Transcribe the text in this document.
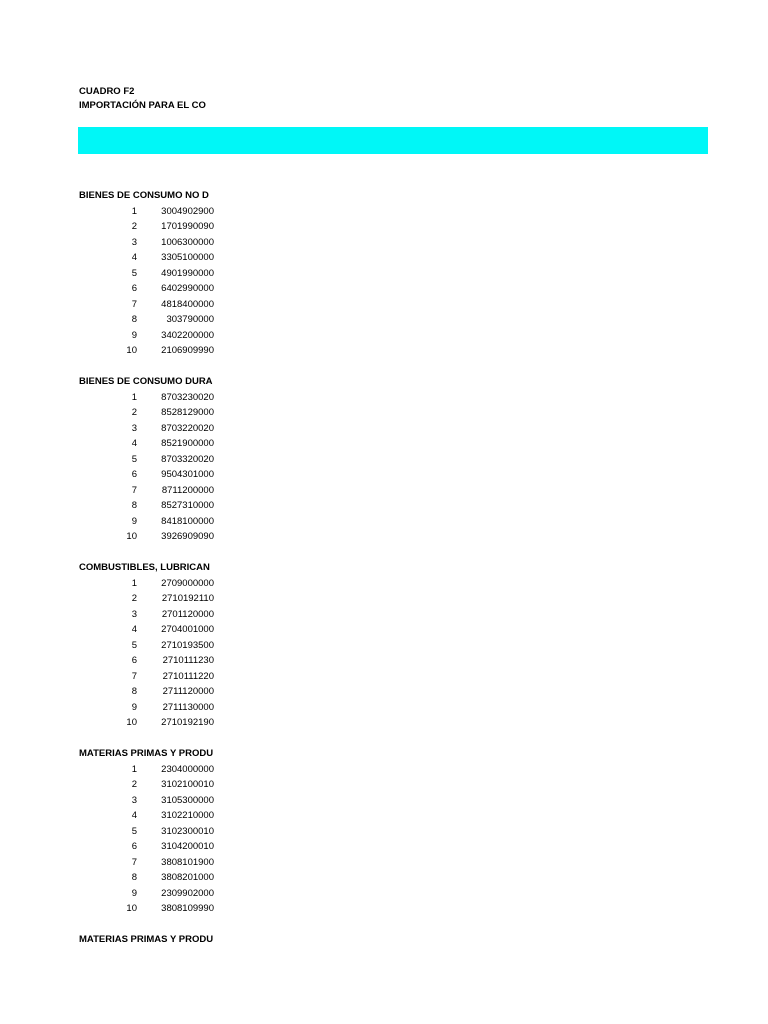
CUADRO F2
IMPORTACIÓN PARA EL CO
BIENES DE CONSUMO NO D
1	3004902900
2	1701990090
3	1006300000
4	3305100000
5	4901990000
6	6402990000
7	4818400000
8	303790000
9	3402200000
10	2106909990
BIENES DE CONSUMO DURA
1	8703230020
2	8528129000
3	8703220020
4	8521900000
5	8703320020
6	9504301000
7	8711200000
8	8527310000
9	8418100000
10	3926909090
COMBUSTIBLES, LUBRICAN
1	2709000000
2	2710192110
3	2701120000
4	2704001000
5	2710193500
6	2710111230
7	2710111220
8	2711120000
9	2711130000
10	2710192190
MATERIAS PRIMAS Y PRODU
1	2304000000
2	3102100010
3	3105300000
4	3102210000
5	3102300010
6	3104200010
7	3808101900
8	3808201000
9	2309902000
10	3808109990
MATERIAS PRIMAS Y PRODU
